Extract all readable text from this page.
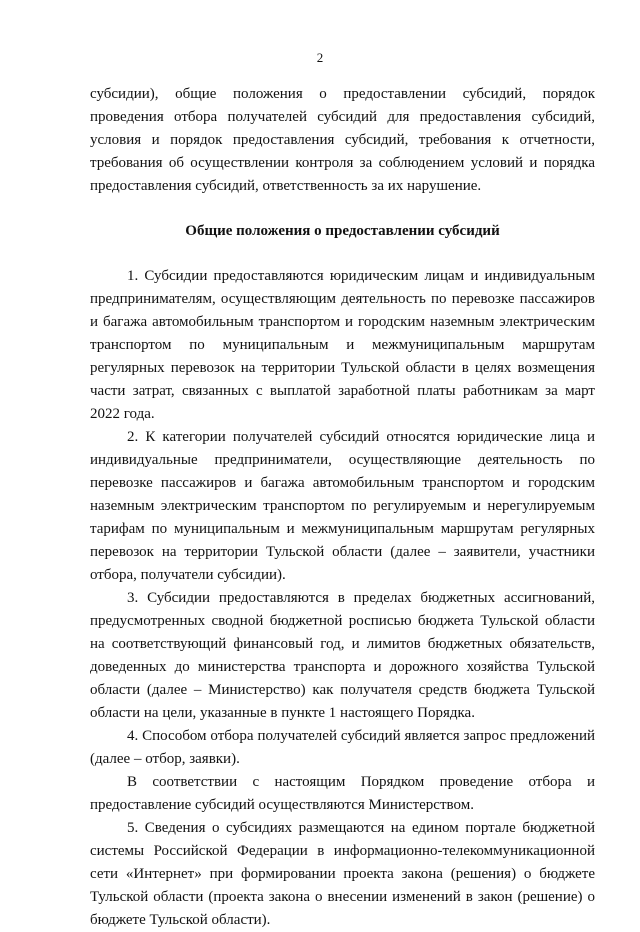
2

субсидии), общие положения о предоставлении субсидий, порядок проведения отбора получателей субсидий для предоставления субсидий, условия и порядок предоставления субсидий, требования к отчетности, требования об осуществлении контроля за соблюдением условий и порядка предоставления субсидий, ответственность за их нарушение.

Общие положения о предоставлении субсидий

1. Субсидии предоставляются юридическим лицам и индивидуальным предпринимателям, осуществляющим деятельность по перевозке пассажиров и багажа автомобильным транспортом и городским наземным электрическим транспортом по муниципальным и межмуниципальным маршрутам регулярных перевозок на территории Тульской области в целях возмещения части затрат, связанных с выплатой заработной платы работникам за март 2022 года.

2. К категории получателей субсидий относятся юридические лица и индивидуальные предприниматели, осуществляющие деятельность по перевозке пассажиров и багажа автомобильным транспортом и городским наземным электрическим транспортом по регулируемым и нерегулируемым тарифам по муниципальным и межмуниципальным маршрутам регулярных перевозок на территории Тульской области (далее – заявители, участники отбора, получатели субсидии).

3. Субсидии предоставляются в пределах бюджетных ассигнований, предусмотренных сводной бюджетной росписью бюджета Тульской области на соответствующий финансовый год, и лимитов бюджетных обязательств, доведенных до министерства транспорта и дорожного хозяйства Тульской области (далее – Министерство) как получателя средств бюджета Тульской области на цели, указанные в пункте 1 настоящего Порядка.

4. Способом отбора получателей субсидий является запрос предложений (далее – отбор, заявки).

В соответствии с настоящим Порядком проведение отбора и предоставление субсидий осуществляются Министерством.

5. Сведения о субсидиях размещаются на едином портале бюджетной системы Российской Федерации в информационно-телекоммуникационной сети «Интернет» при формировании проекта закона (решения) о бюджете Тульской области (проекта закона о внесении изменений в закон (решение) о бюджете Тульской области).
